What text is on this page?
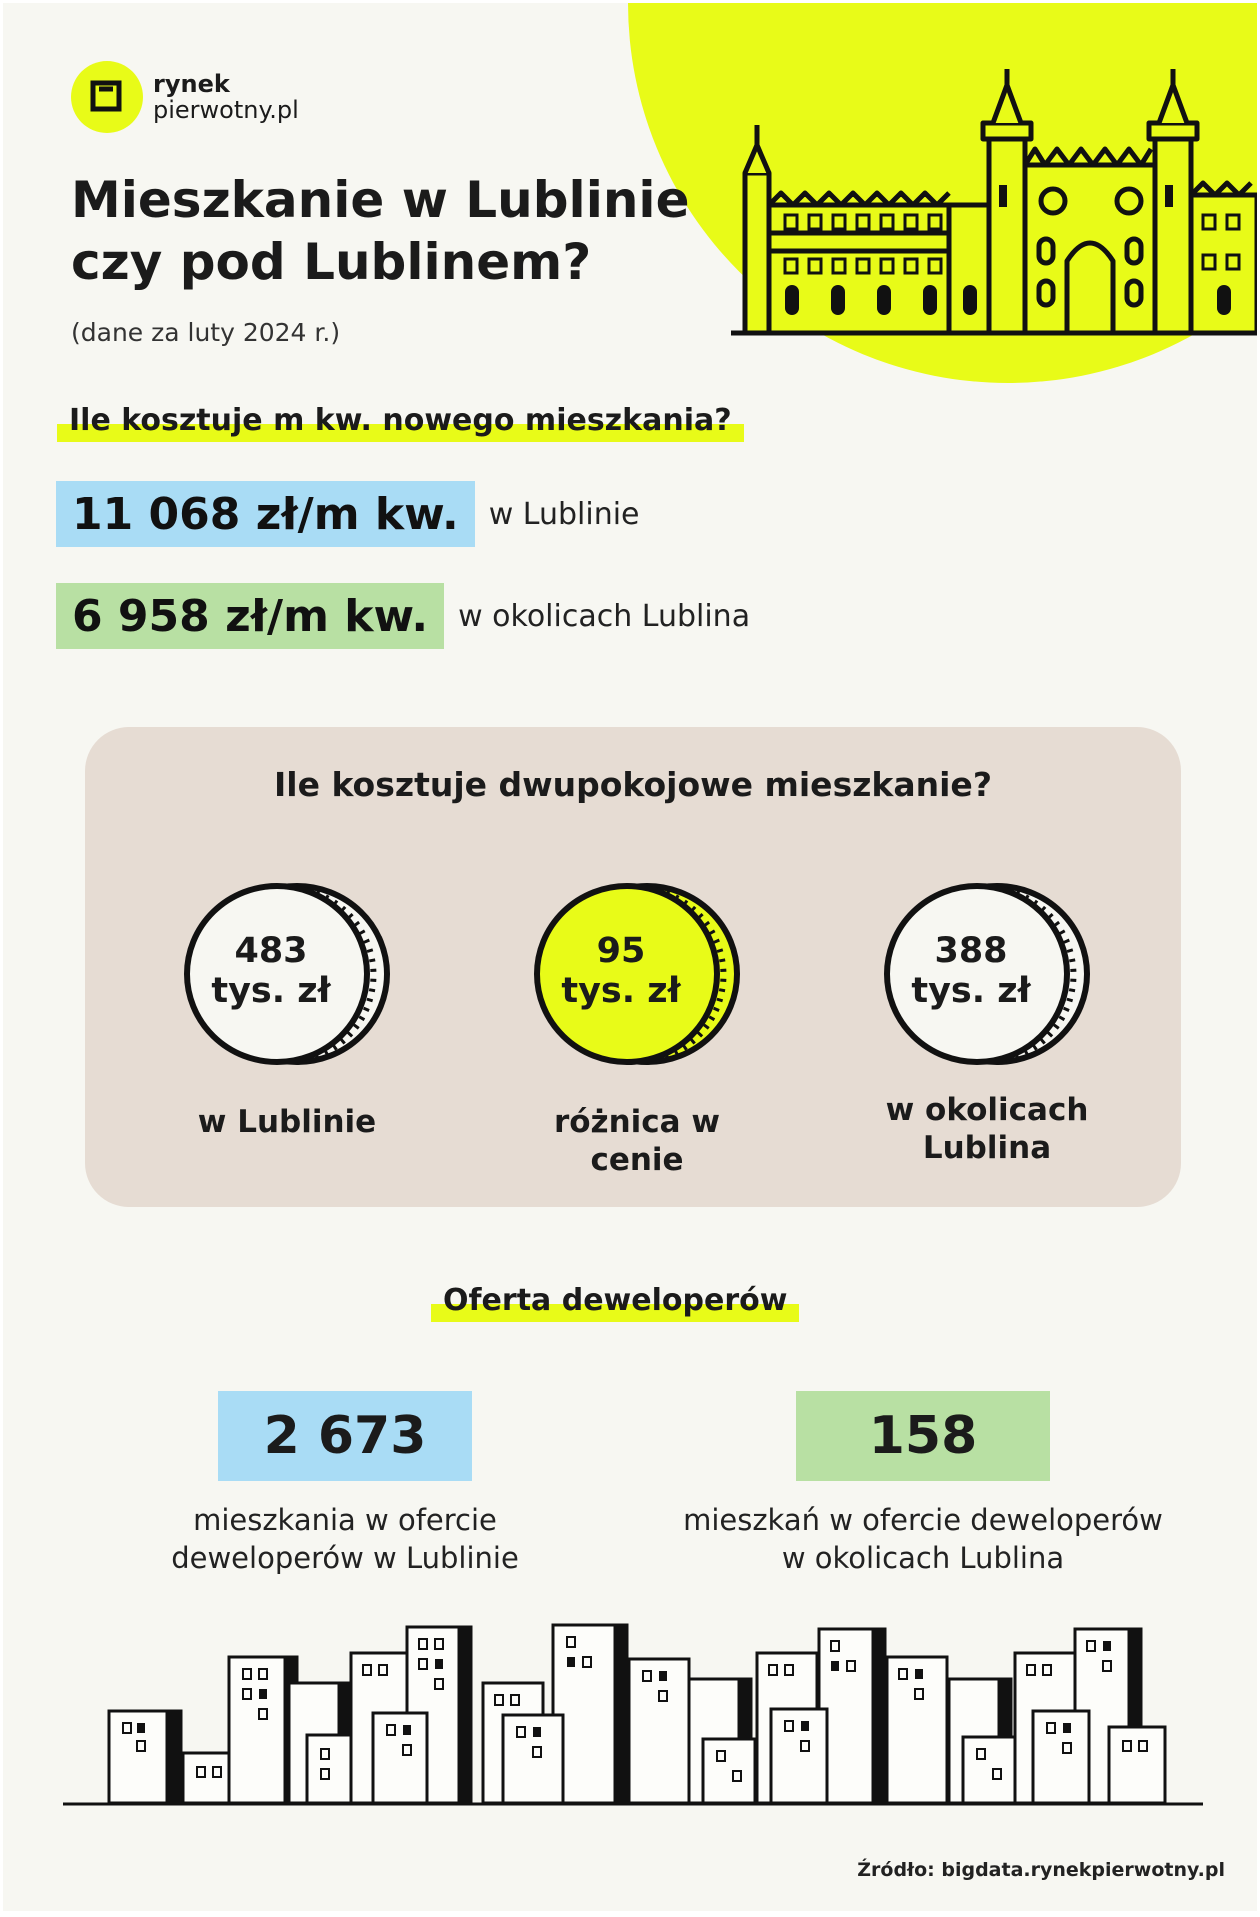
rynek
pierwotny.pl
Mieszkanie w Lublinie czy pod Lublinem?
(dane za luty 2024 r.)
Ile kosztuje m kw. nowego mieszkania?
11 068 zł/m kw.	w Lublinie
6 958 zł/m kw.	w okolicach Lublina
Ile kosztuje dwupokojowe mieszkanie?
483
tys. zł
w Lublinie
95
tys. zł
różnica w cenie
388
tys. zł
w okolicach Lublina
Oferta deweloperów
2 673
mieszkania w ofercie deweloperów w Lublinie
158
mieszkań w ofercie deweloperów w okolicach Lublina
Źródło: bigdata.rynekpierwotny.pl
